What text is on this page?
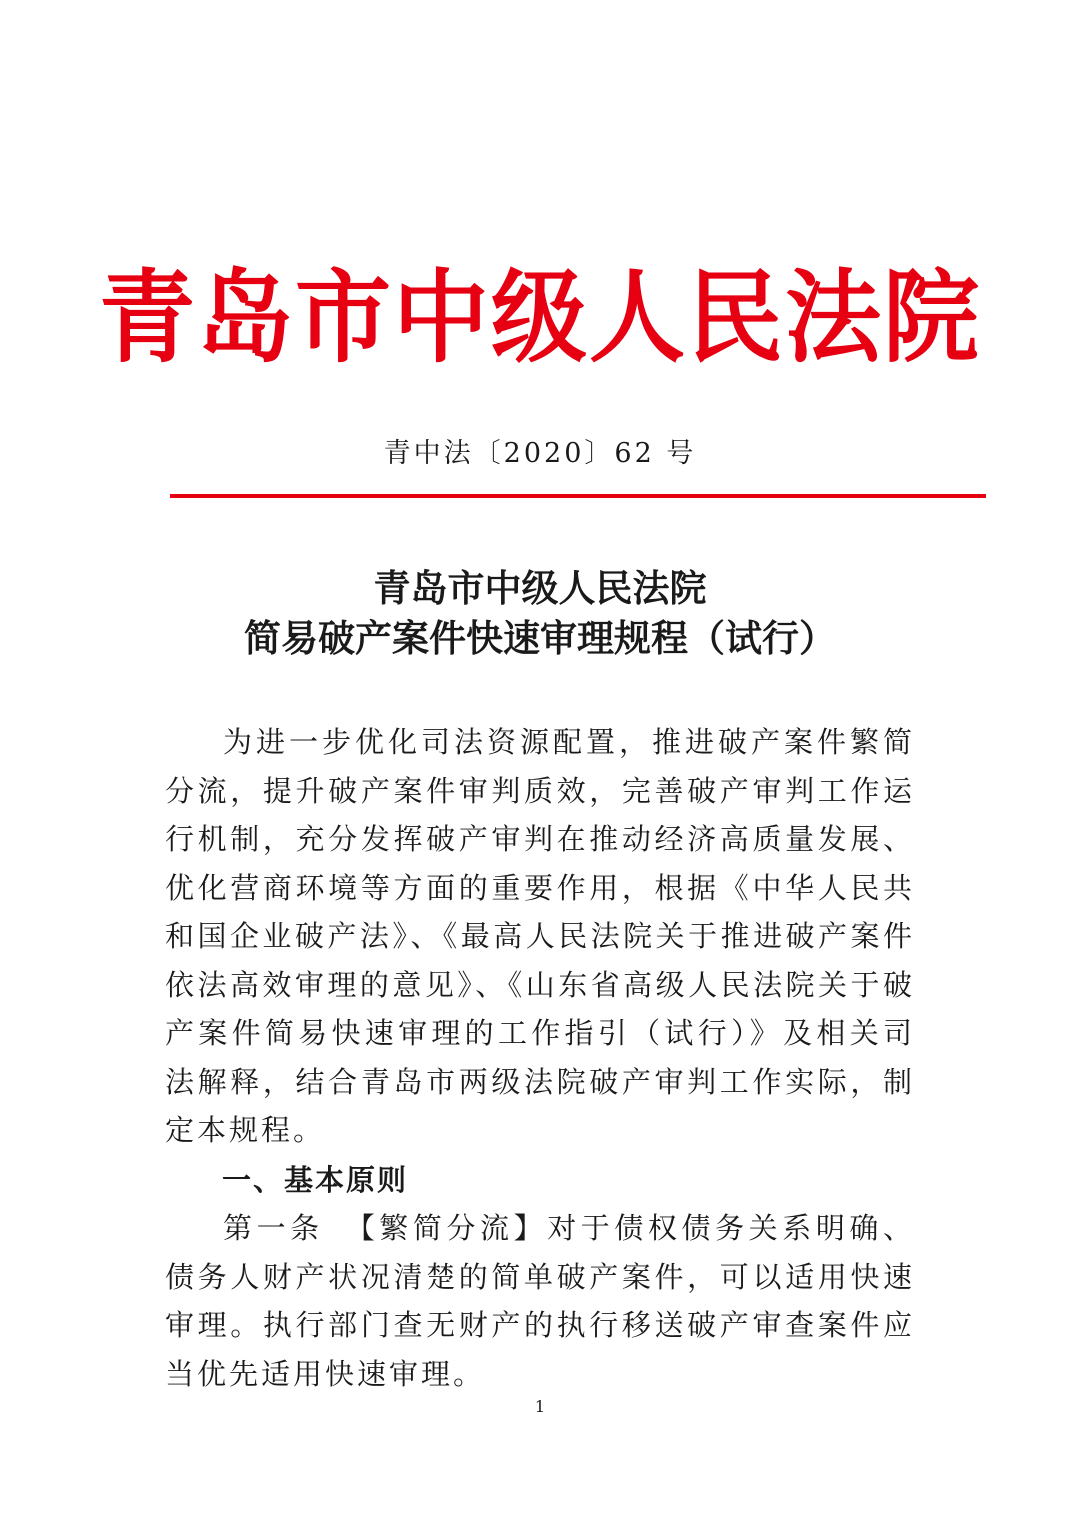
青岛市中级人民法院
青中法〔2020〕62 号
青岛市中级人民法院
简易破产案件快速审理规程（试行）
为进一步优化司法资源配置，推进破产案件繁简分流，提升破产案件审判质效，完善破产审判工作运行机制，充分发挥破产审判在推动经济高质量发展、优化营商环境等方面的重要作用，根据《中华人民共和国企业破产法》、《最高人民法院关于推进破产案件依法高效审理的意见》、《山东省高级人民法院关于破产案件简易快速审理的工作指引（试行）》及相关司法解释，结合青岛市两级法院破产审判工作实际，制定本规程。
一、基本原则
第一条 【繁简分流】对于债权债务关系明确、债务人财产状况清楚的简单破产案件，可以适用快速审理。执行部门查无财产的执行移送破产审查案件应当优先适用快速审理。
1
